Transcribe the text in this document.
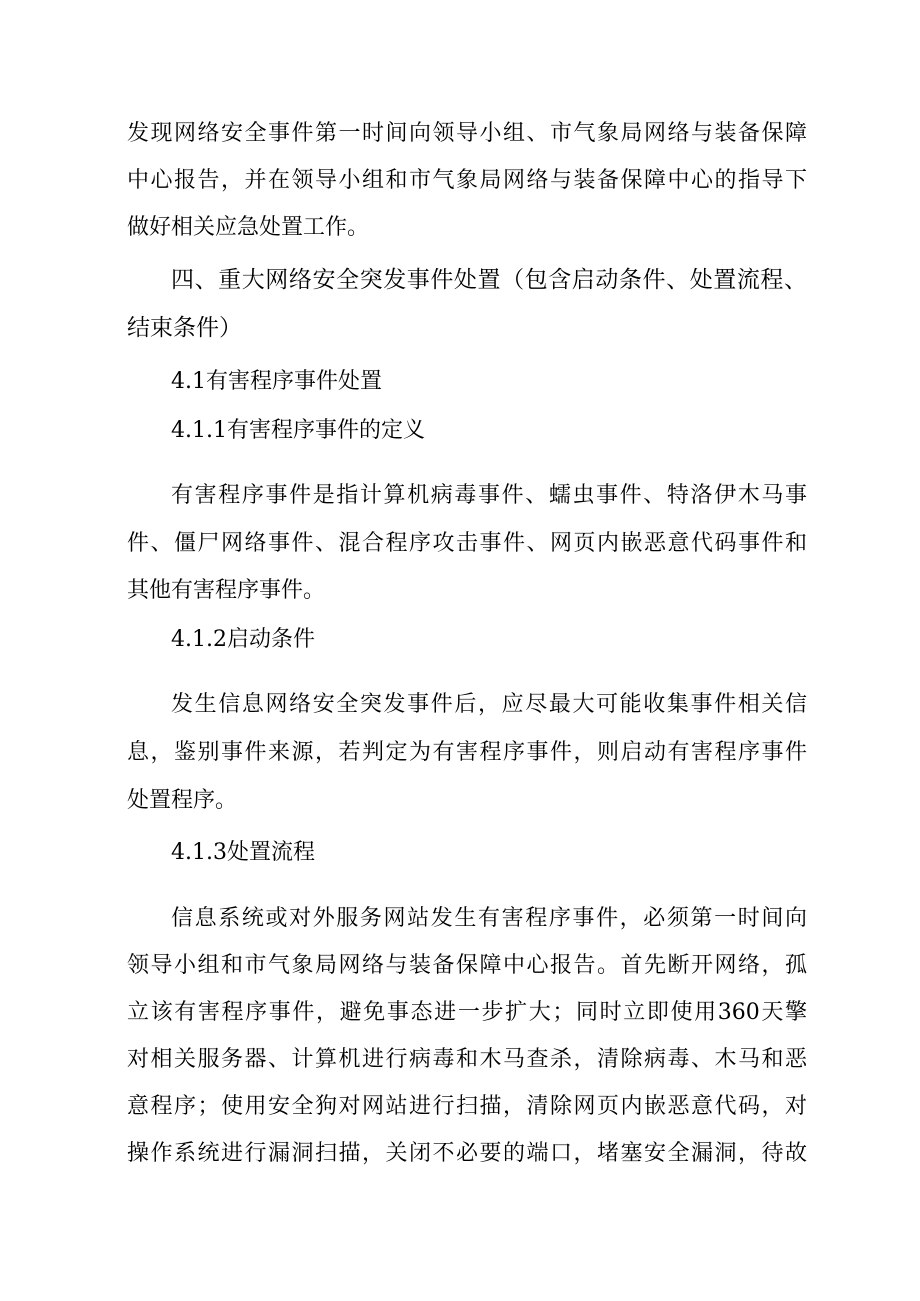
发现网络安全事件第一时间向领导小组、市气象局网络与装备保障
中心报告，并在领导小组和市气象局网络与装备保障中心的指导下
做好相关应急处置工作。
四、重大网络安全突发事件处置（包含启动条件、处置流程、
结束条件）
4.1有害程序事件处置
4.1.1有害程序事件的定义
有害程序事件是指计算机病毒事件、蠕虫事件、特洛伊木马事
件、僵尸网络事件、混合程序攻击事件、网页内嵌恶意代码事件和
其他有害程序事件。
4.1.2启动条件
发生信息网络安全突发事件后，应尽最大可能收集事件相关信
息，鉴别事件来源，若判定为有害程序事件，则启动有害程序事件
处置程序。
4.1.3处置流程
信息系统或对外服务网站发生有害程序事件，必须第一时间向
领导小组和市气象局网络与装备保障中心报告。首先断开网络，孤
立该有害程序事件，避免事态进一步扩大；同时立即使用360天擎
对相关服务器、计算机进行病毒和木马查杀，清除病毒、木马和恶
意程序；使用安全狗对网站进行扫描，清除网页内嵌恶意代码，对
操作系统进行漏洞扫描，关闭不必要的端口，堵塞安全漏洞，待故
